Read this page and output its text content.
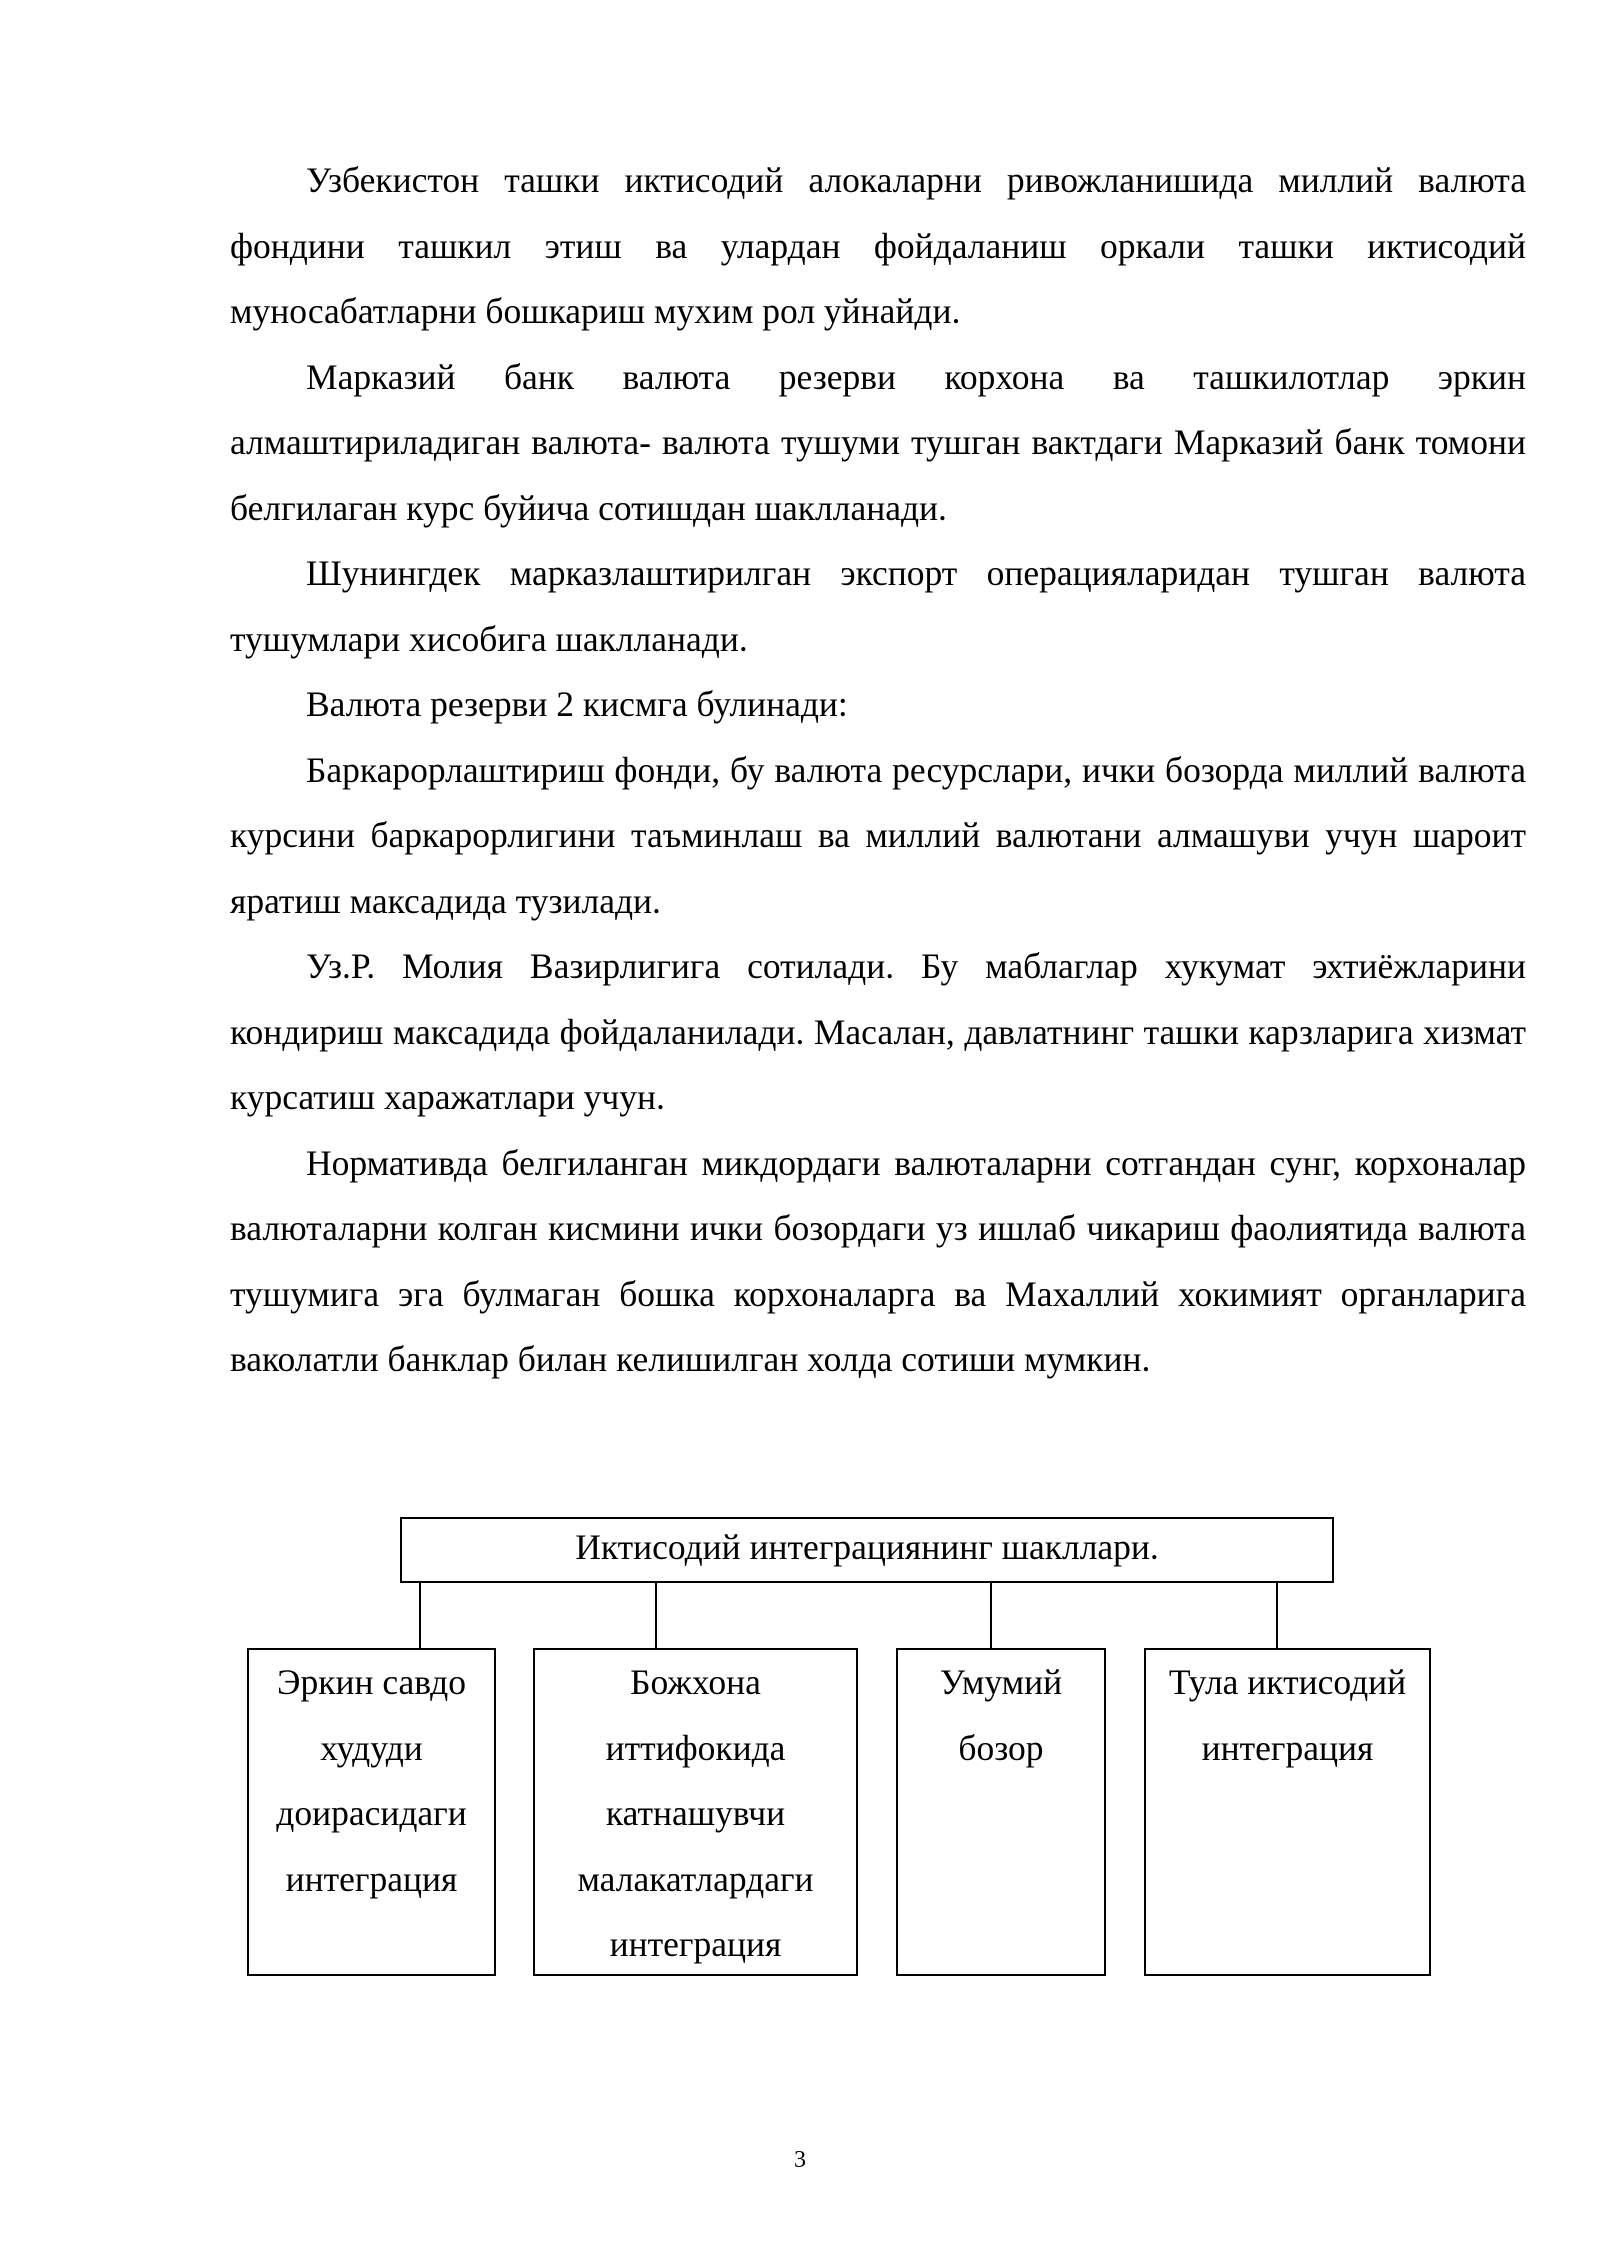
Узбекистон ташки иктисодий алокаларни ривожланишида миллий валюта фондини ташкил этиш ва улардан фойдаланиш оркали ташки иктисодий муносабатларни бошкариш мухим рол уйнайди.

Марказий банк валюта резерви корхона ва ташкилотлар эркин алмаштириладиган валюта- валюта тушуми тушган вактдаги Марказий банк томони белгилаган курс буйича сотишдан шаклланади.

Шунингдек марказлаштирилган экспорт операцияларидан тушган валюта тушумлари хисобига шаклланади.

Валюта резерви 2 кисмга булинади:

Баркарорлаштириш фонди, бу валюта ресурслари, ички бозорда миллий валюта курсини баркарорлигини таъминлаш ва миллий валютани алмашуви учун шароит яратиш максадида тузилади.

Уз.Р. Молия Вазирлигига сотилади. Бу маблаглар хукумат эхтиёжларини кондириш максадида фойдаланилади. Масалан, давлатнинг ташки карзларига хизмат курсатиш харажатлари учун.

Нормативда белгиланган микдордаги валюталарни сотгандан сунг, корхоналар валюталарни колган кисмини ички бозордаги уз ишлаб чикариш фаолиятида валюта тушумига эга булмаган бошка корхоналарга ва Махаллий хокимият органларига ваколатли банклар билан келишилган холда сотиши мумкин.

Иктисодий интеграциянинг шакллари.
Эркин савдо
худуди
доирасидаги
интеграция
Божхона
иттифокида
катнашувчи
малакатлардаги
интеграция
Умумий
бозор
Тула иктисодий
интеграция
3
